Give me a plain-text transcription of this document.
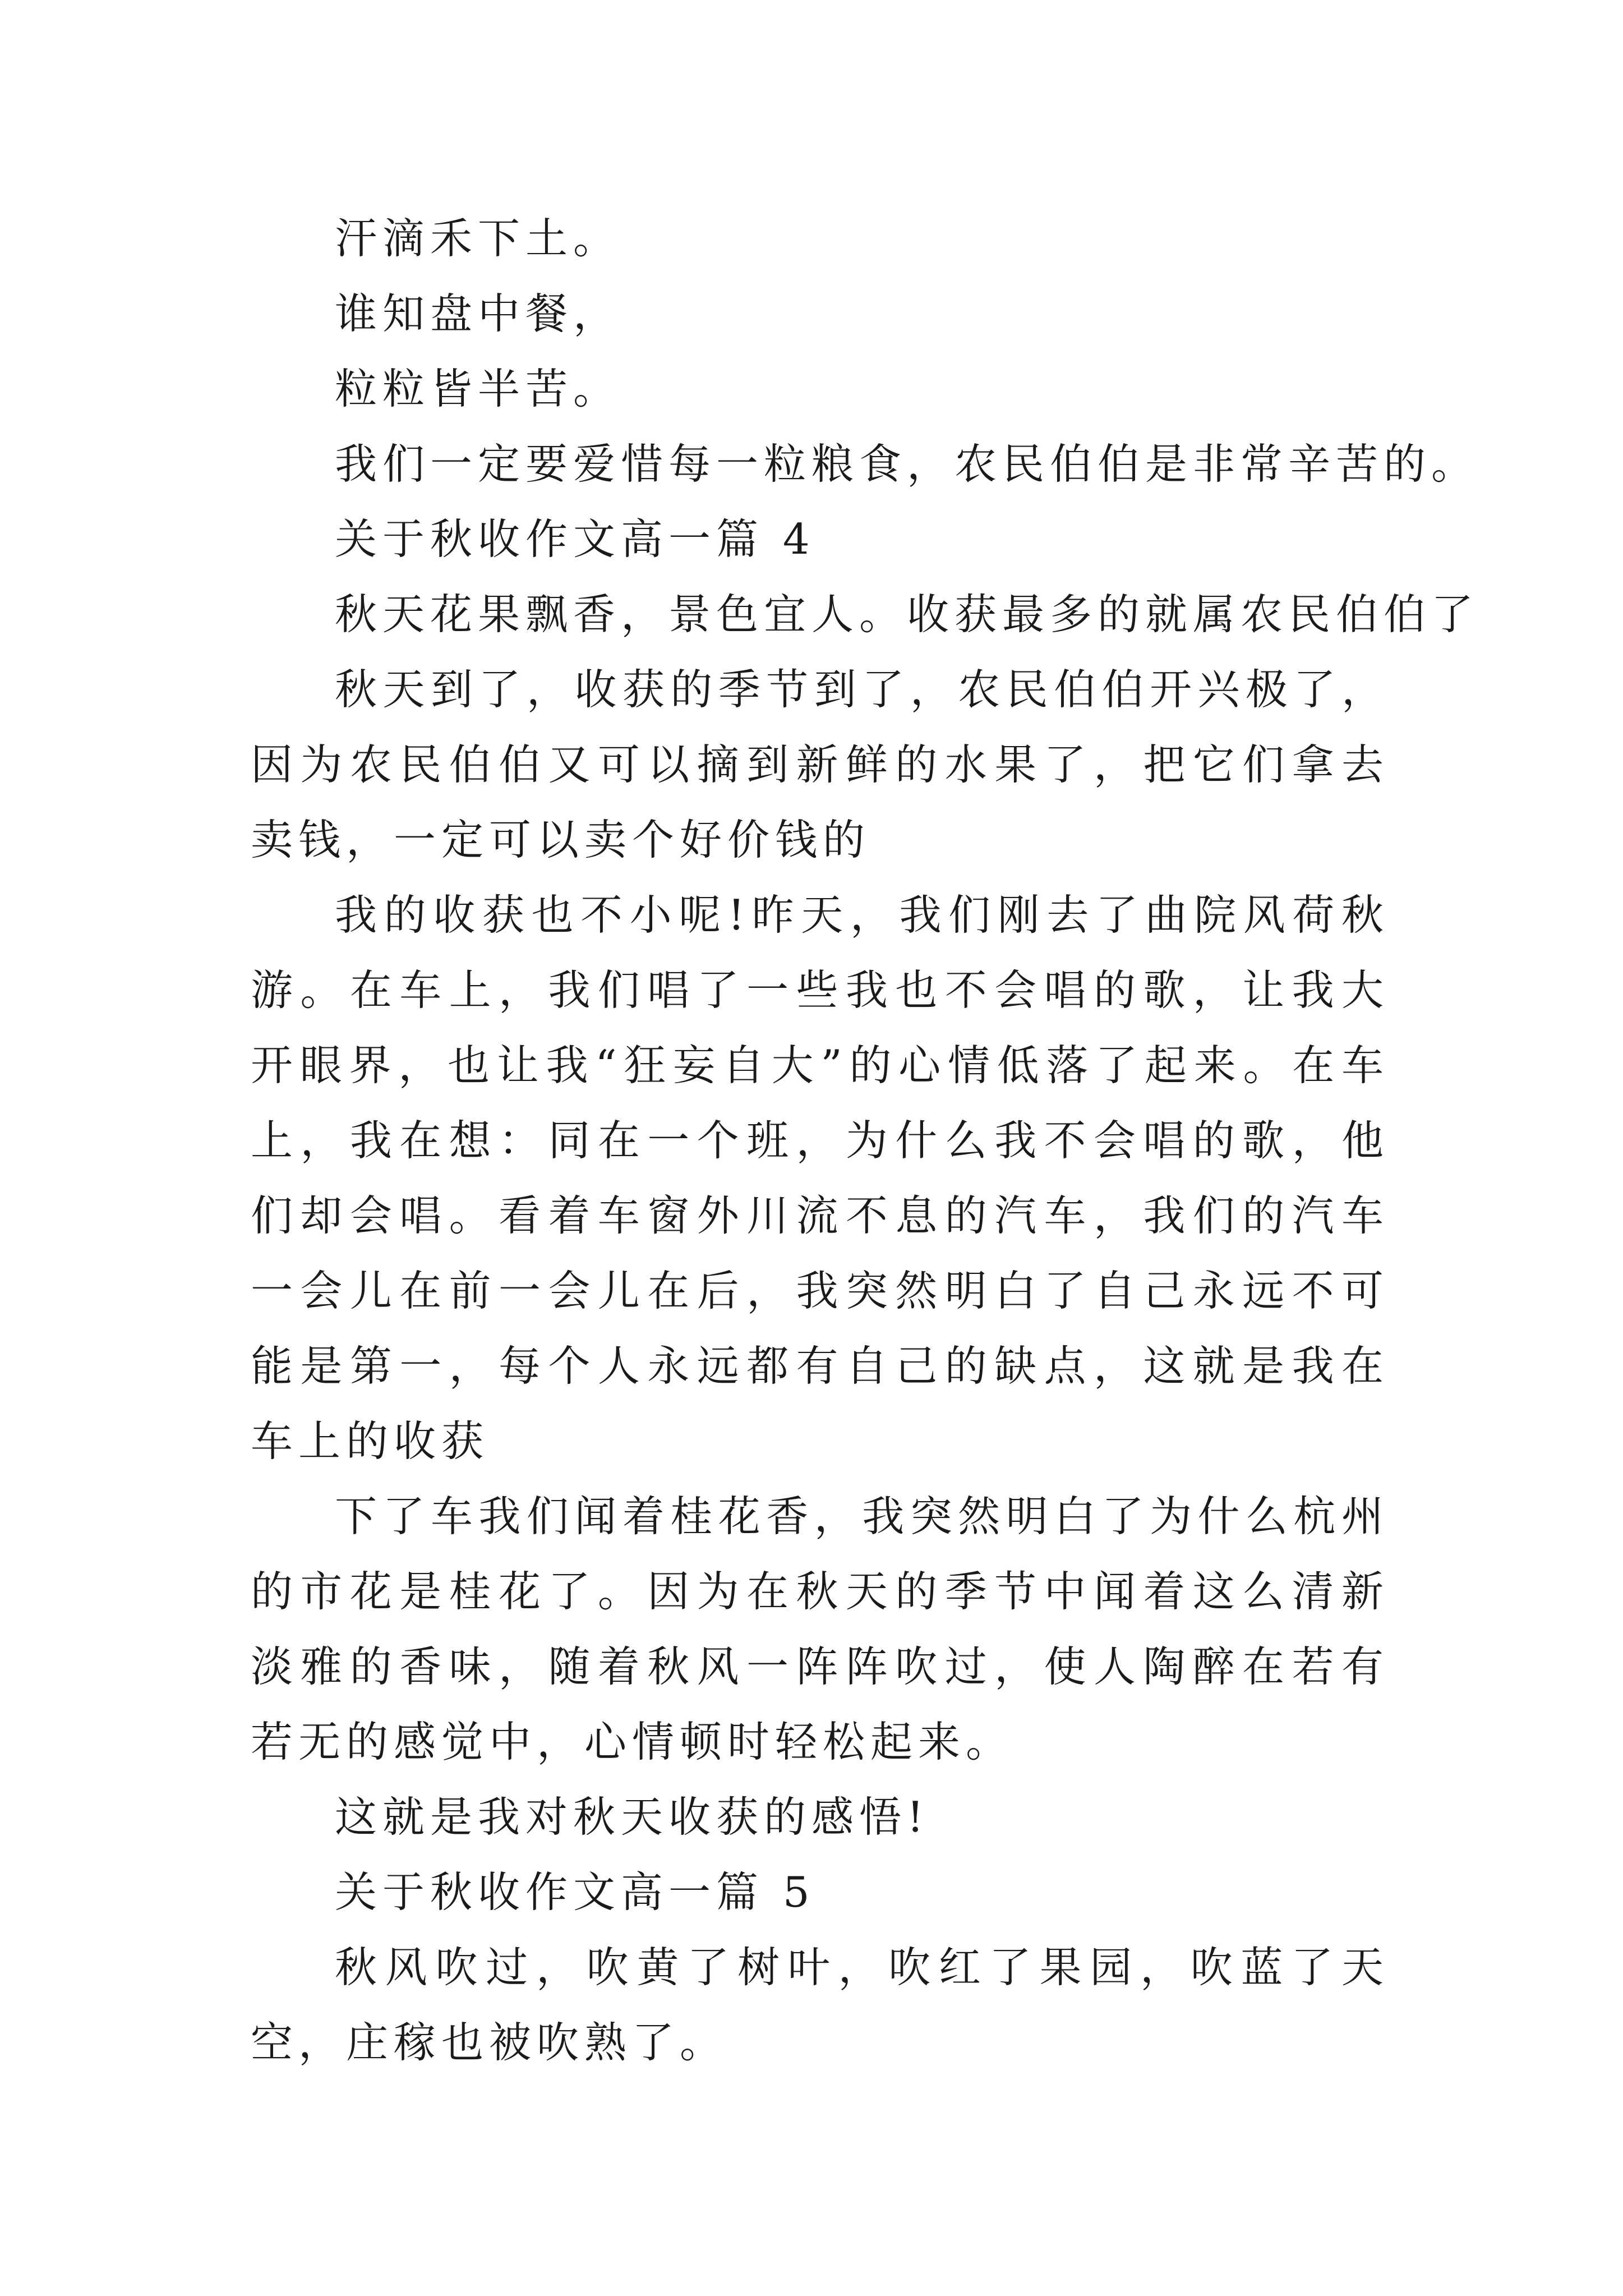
汗滴禾下土。

谁知盘中餐，

粒粒皆半苦。

我们一定要爱惜每一粒粮食，农民伯伯是非常辛苦的。

关于秋收作文高一篇 4

秋天花果飘香，景色宜人。收获最多的就属农民伯伯了

秋天到了，收获的季节到了，农民伯伯开兴极了，因为农民伯伯又可以摘到新鲜的水果了，把它们拿去卖钱，一定可以卖个好价钱的

我的收获也不小呢!昨天，我们刚去了曲院风荷秋游。在车上，我们唱了一些我也不会唱的歌，让我大开眼界，也让我“狂妄自大”的心情低落了起来。在车上，我在想：同在一个班，为什么我不会唱的歌，他们却会唱。看着车窗外川流不息的汽车，我们的汽车一会儿在前一会儿在后，我突然明白了自己永远不可能是第一，每个人永远都有自己的缺点，这就是我在车上的收获

下了车我们闻着桂花香，我突然明白了为什么杭州的市花是桂花了。因为在秋天的季节中闻着这么清新淡雅的香味，随着秋风一阵阵吹过，使人陶醉在若有若无的感觉中，心情顿时轻松起来。

这就是我对秋天收获的感悟!

关于秋收作文高一篇 5

秋风吹过，吹黄了树叶，吹红了果园，吹蓝了天空，庄稼也被吹熟了。
